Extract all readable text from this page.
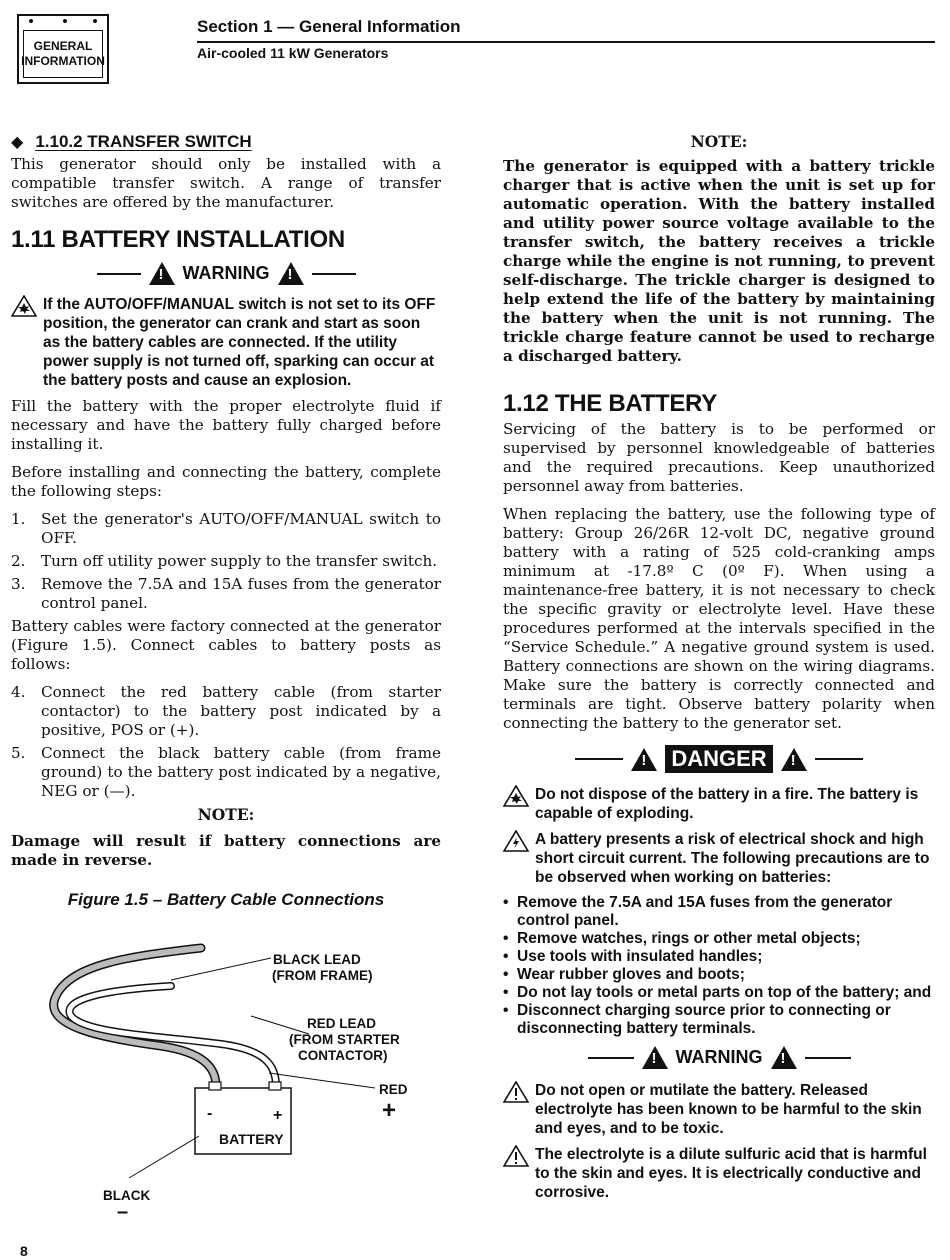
GENERAL
INFORMATION
Section 1 — General Information
Air-cooled 11 kW Generators
◆ 1.10.2 TRANSFER SWITCH

This generator should only be installed with a compatible transfer switch. A range of transfer switches are offered by the manufacturer.

1.11 BATTERY INSTALLATION
!
WARNING
!
If the AUTO/OFF/MANUAL switch is not set to its OFF position, the generator can crank and start as soon as the battery cables are connected. If the utility power supply is not turned off, sparking can occur at the battery posts and cause an explosion.

Fill the battery with the proper electrolyte fluid if necessary and have the battery fully charged before installing it.

Before installing and connecting the battery, complete the following steps:

1.	Set the generator's AUTO/OFF/MANUAL switch to OFF.
2.	Turn off utility power supply to the transfer switch.
3.	Remove the 7.5A and 15A fuses from the generator control panel.

Battery cables were factory connected at the generator (Figure 1.5). Connect cables to battery posts as follows:

4.	Connect the red battery cable (from starter contactor) to the battery post indicated by a positive, POS or (+).
5.	Connect the black battery cable (from frame ground) to the battery post indicated by a negative, NEG or (—).
NOTE:

Damage will result if battery connections are made in reverse.

Figure 1.5 – Battery Cable Connections
-	+
BATTERY
BLACK LEAD
(FROM FRAME)
RED LEAD
(FROM STARTER
CONTACTOR)
RED
+
BLACK
–
NOTE:

The generator is equipped with a battery trickle charger that is active when the unit is set up for automatic operation. With the battery installed and utility power source voltage available to the transfer switch, the battery receives a trickle charge while the engine is not running, to prevent self-discharge. The trickle charger is designed to help extend the life of the battery by maintaining the battery when the unit is not running. The trickle charge feature cannot be used to recharge a discharged battery.

1.12 THE BATTERY

Servicing of the battery is to be performed or supervised by personnel knowledgeable of batteries and the required precautions. Keep unauthorized personnel away from batteries.

When replacing the battery, use the following type of battery: Group 26/26R 12-volt DC, negative ground battery with a rating of 525 cold-cranking amps minimum at -17.8º C (0º F). When using a maintenance-free battery, it is not necessary to check the specific gravity or electrolyte level. Have these procedures performed at the intervals specified in the “Service Schedule.” A negative ground system is used. Battery connections are shown on the wiring diagrams. Make sure the battery is correctly connected and terminals are tight. Observe battery polarity when connecting the battery to the generator set.

!
DANGER
!
Do not dispose of the battery in a fire. The battery is capable of exploding.
A battery presents a risk of electrical shock and high short circuit current. The following precautions are to be observed when working on batteries:
• Remove the 7.5A and 15A fuses from the generator control panel.
• Remove watches, rings or other metal objects;
• Use tools with insulated handles;
• Wear rubber gloves and boots;
• Do not lay tools or metal parts on top of the battery; and
• Disconnect charging source prior to connecting or disconnecting battery terminals.
!
WARNING
!
Do not open or mutilate the battery. Released electrolyte has been known to be harmful to the skin and eyes, and to be toxic.
The electrolyte is a dilute sulfuric acid that is harmful to the skin and eyes. It is electrically conductive and corrosive.
8
